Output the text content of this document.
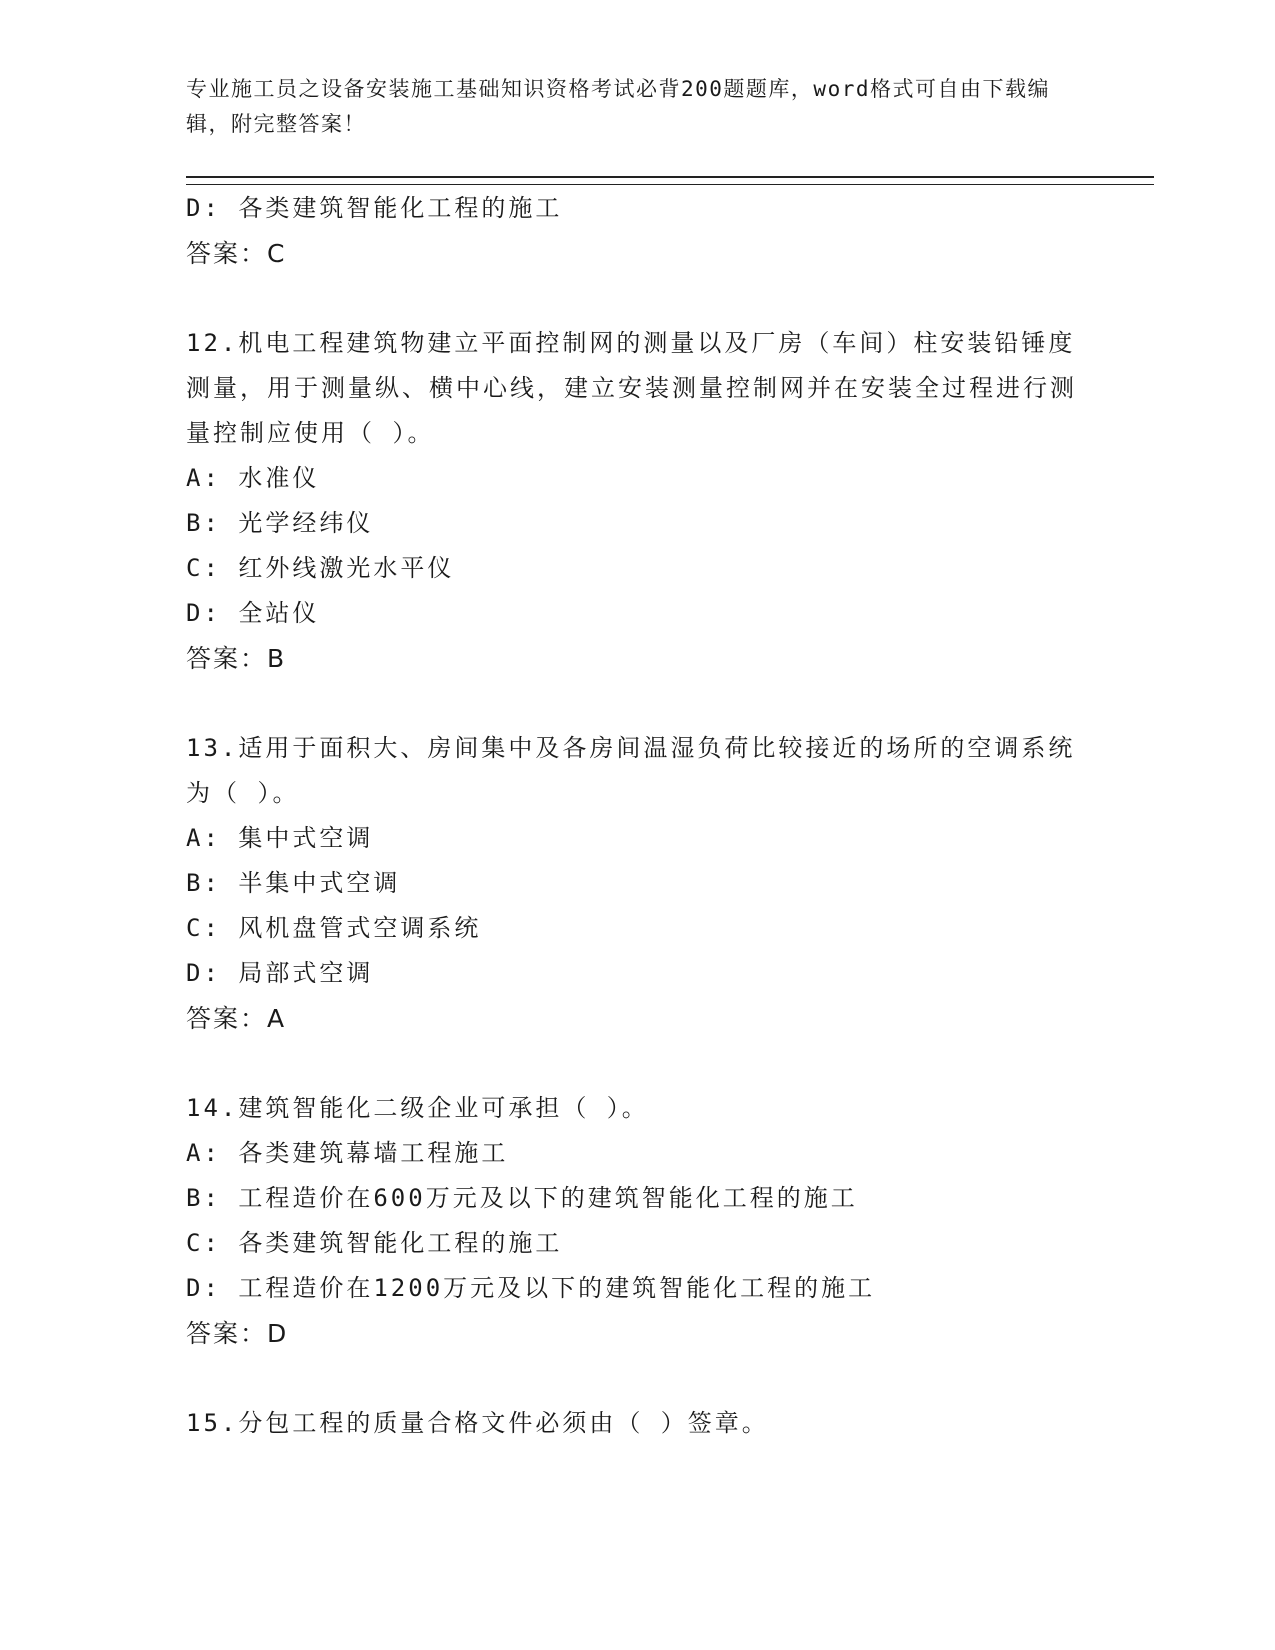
专业施工员之设备安装施工基础知识资格考试必背200题题库，word格式可自由下载编辑，附完整答案！
D: 各类建筑智能化工程的施工
答案：C
12.机电工程建筑物建立平面控制网的测量以及厂房（车间）柱安装铅锤度测量，用于测量纵、横中心线，建立安装测量控制网并在安装全过程进行测量控制应使用（ ）。
A: 水准仪
B: 光学经纬仪
C: 红外线激光水平仪
D: 全站仪
答案：B
13.适用于面积大、房间集中及各房间温湿负荷比较接近的场所的空调系统为（ ）。
A: 集中式空调
B: 半集中式空调
C: 风机盘管式空调系统
D: 局部式空调
答案：A
14.建筑智能化二级企业可承担（ ）。
A: 各类建筑幕墙工程施工
B: 工程造价在600万元及以下的建筑智能化工程的施工
C: 各类建筑智能化工程的施工
D: 工程造价在1200万元及以下的建筑智能化工程的施工
答案：D
15.分包工程的质量合格文件必须由（ ）签章。
